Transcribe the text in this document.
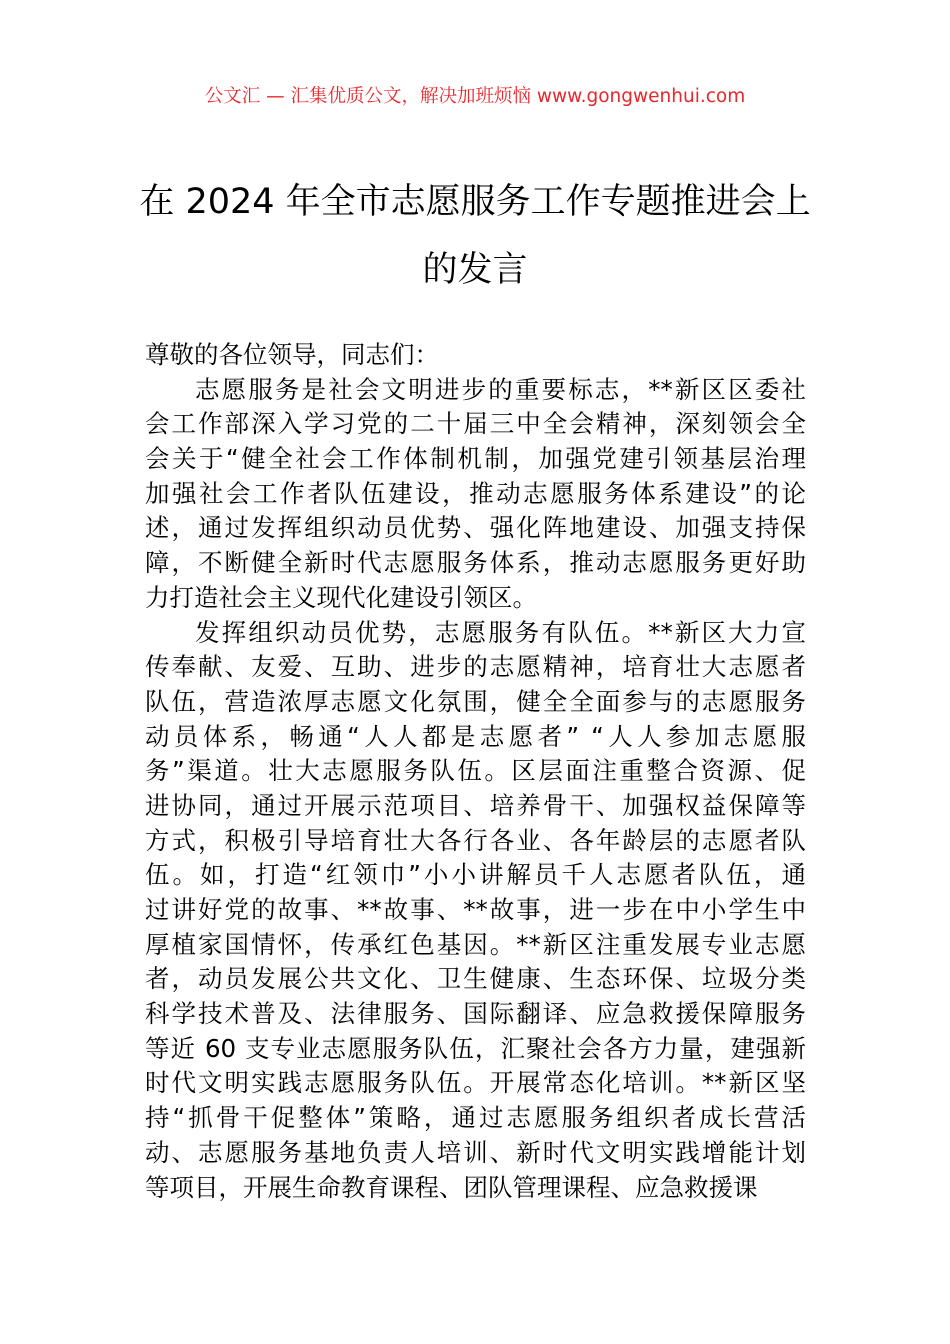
公文汇 — 汇集优质公文，解决加班烦恼 www.gongwenhui.com
在 2024 年全市志愿服务工作专题推进会上
的发言
尊敬的各位领导，同志们：
志愿服务是社会文明进步的重要标志，**新区区委社
会工作部深入学习党的二十届三中全会精神，深刻领会全
会关于“健全社会工作体制机制，加强党建引领基层治理
加强社会工作者队伍建设，推动志愿服务体系建设”的论
述，通过发挥组织动员优势、强化阵地建设、加强支持保
障，不断健全新时代志愿服务体系，推动志愿服务更好助
力打造社会主义现代化建设引领区。
发挥组织动员优势，志愿服务有队伍。**新区大力宣
传奉献、友爱、互助、进步的志愿精神，培育壮大志愿者
队伍，营造浓厚志愿文化氛围，健全全面参与的志愿服务
动员体系，畅通“人人都是志愿者” “人人参加志愿服
务”渠道。壮大志愿服务队伍。区层面注重整合资源、促
进协同，通过开展示范项目、培养骨干、加强权益保障等
方式，积极引导培育壮大各行各业、各年龄层的志愿者队
伍。如，打造“红领巾”小小讲解员千人志愿者队伍，通
过讲好党的故事、**故事、**故事，进一步在中小学生中
厚植家国情怀，传承红色基因。**新区注重发展专业志愿
者，动员发展公共文化、卫生健康、生态环保、垃圾分类
科学技术普及、法律服务、国际翻译、应急救援保障服务
等近 60 支专业志愿服务队伍，汇聚社会各方力量，建强新
时代文明实践志愿服务队伍。开展常态化培训。**新区坚
持“抓骨干促整体”策略，通过志愿服务组织者成长营活
动、志愿服务基地负责人培训、新时代文明实践增能计划
等项目，开展生命教育课程、团队管理课程、应急救援课
